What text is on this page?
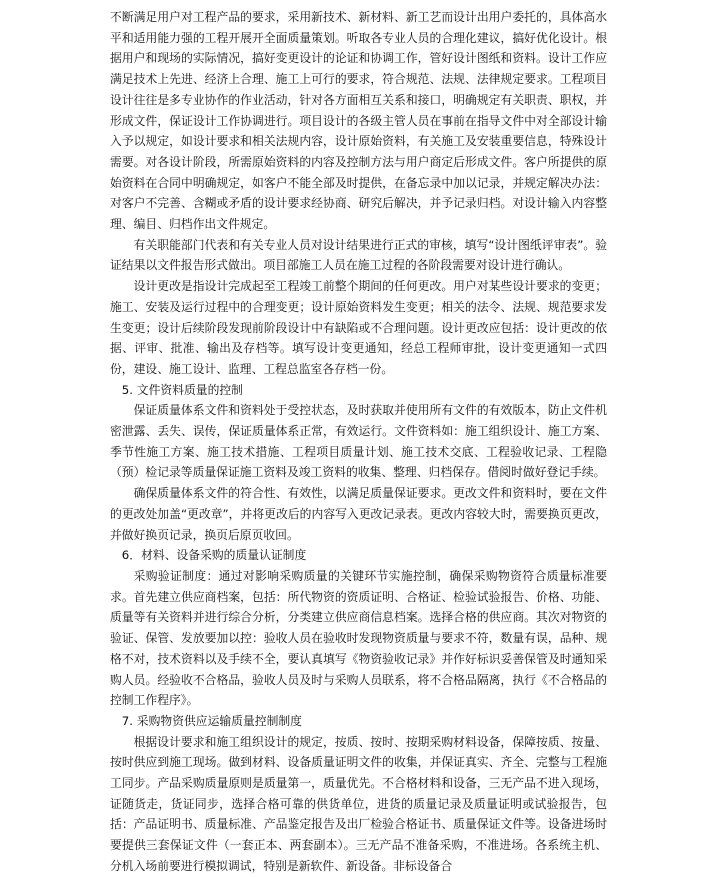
不断满足用户对工程产品的要求，采用新技术、新材料、新工艺而设计出用户委托的，具体高水平和适用能力强的工程开展开全面质量策划。听取各专业人员的合理化建议，搞好优化设计。根据用户和现场的实际情况，搞好变更设计的论证和协调工作，管好设计图纸和资料。设计工作应满足技术上先进、经济上合理、施工上可行的要求，符合规范、法规、法律规定要求。工程项目设计往往是多专业协作的作业活动，针对各方面相互关系和接口，明确规定有关职责、职权，并形成文件，保证设计工作协调进行。项目设计的各级主管人员在事前在指导文件中对全部设计输入予以规定，如设计要求和相关法规内容，设计原始资料，有关施工及安装重要信息，特殊设计需要。对各设计阶段，所需原始资料的内容及控制方法与用户商定后形成文件。客户所提供的原始资料在合同中明确规定，如客户不能全部及时提供，在备忘录中加以记录，并规定解决办法：对客户不完善、含糊或矛盾的设计要求经协商、研究后解决，并予记录归档。对设计输入内容整理、编目、归档作出文件规定。

有关职能部门代表和有关专业人员对设计结果进行正式的审核，填写“设计图纸评审表”。验证结果以文件报告形式做出。项目部施工人员在施工过程的各阶段需要对设计进行确认。

设计更改是指设计完成起至工程竣工前整个期间的任何更改。用户对某些设计要求的变更；施工、安装及运行过程中的合理变更；设计原始资料发生变更；相关的法令、法规、规范要求发生变更；设计后续阶段发现前阶段设计中有缺陷或不合理问题。设计更改应包括：设计更改的依据、评审、批准、输出及存档等。填写设计变更通知，经总工程师审批，设计变更通知一式四份，建设、施工设计、监理、工程总监室各存档一份。

5. 文件资料质量的控制

保证质量体系文件和资料处于受控状态，及时获取并使用所有文件的有效版本，防止文件机密泄露、丢失、误传，保证质量体系正常，有效运行。文件资料如：施工组织设计、施工方案、季节性施工方案、施工技术措施、工程项目质量计划、施工技术交底、工程验收记录、工程隐（预）检记录等质量保证施工资料及竣工资料的收集、整理、归档保存。借阅时做好登记手续。

确保质量体系文件的符合性、有效性，以满足质量保证要求。更改文件和资料时，要在文件的更改处加盖“更改章”，并将更改后的内容写入更改记录表。更改内容较大时，需要换页更改，并做好换页记录，换页后原页收回。

6．材料、设备采购的质量认证制度

采购验证制度：通过对影响采购质量的关键环节实施控制，确保采购物资符合质量标准要求。首先建立供应商档案，包括：所代物资的资质证明、合格证、检验试验报告、价格、功能、质量等有关资料并进行综合分析，分类建立供应商信息档案。选择合格的供应商。其次对物资的验证、保管、发放要加以控：验收人员在验收时发现物资质量与要求不符，数量有误，品种、规格不对，技术资料以及手续不全，要认真填写《物资验收记录》并作好标识妥善保管及时通知采购人员。经验收不合格品，验收人员及时与采购人员联系，将不合格品隔离，执行《不合格品的控制工作程序》。

7. 采购物资供应运输质量控制制度

根据设计要求和施工组织设计的规定，按质、按时、按期采购材料设备，保障按质、按量、按时供应到施工现场。做到材料、设备质量证明文件的收集，并保证真实、齐全、完整与工程施工同步。产品采购质量原则是质量第一，质量优先。不合格材料和设备，三无产品不进入现场，证随货走，货证同步，选择合格可靠的供货单位，进货的质量记录及质量证明或试验报告，包括：产品证明书、质量标准、产品鉴定报告及出厂检验合格证书、质量保证文件等。设备进场时要提供三套保证文件（一套正本、两套副本）。三无产品不准备采购，不准进场。各系统主机、分机入场前要进行模拟调试，特别是新软件、新设备。非标设备合
